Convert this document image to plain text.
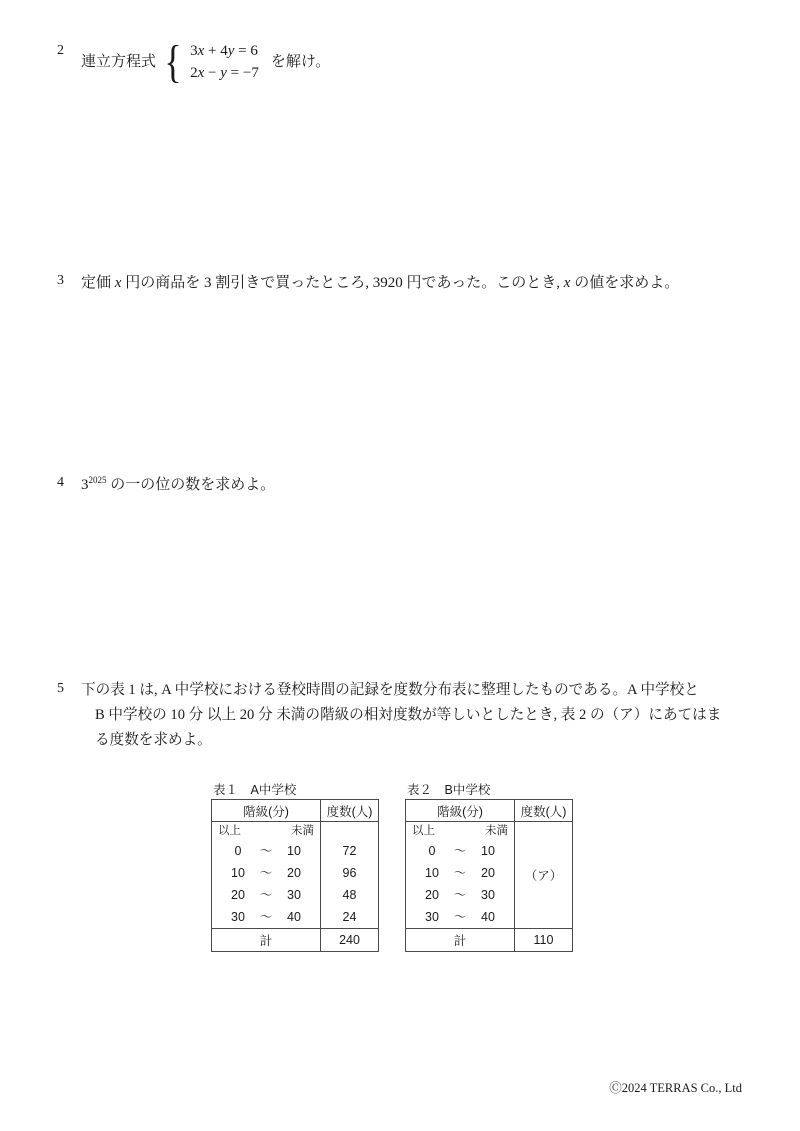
2
連立方程式 { 3x + 4y = 6
2x − y = −7
を解け。
3	定価 x 円の商品を 3 割引きで買ったところ, 3920 円であった。このとき, x の値を求めよ。
4	$3^{2025}$ の一の位の数を求めよ。
5	下の表 1 は, A 中学校における登校時間の記録を度数分布表に整理したものである。A 中学校と
B 中学校の 10 分 以上 20 分 未満の階級の相対度数が等しいとしたとき, 表 2 の（ア）にあてはま
る度数を求めよ。
表１　A中学校
階級(分)	度数(人)

以上 未満	

0 ～ 10	72

10 ～ 20	96

20 ～ 30	48

30 ～ 40	24
計	240
表２　B中学校
階級(分)	度数(人)

以上 未満	（ア）

0 ～ 10	

10 ～ 20	

20 ～ 30	

30 ～ 40	

計	110
Ⓒ​2024 TERRAS Co., Ltd
